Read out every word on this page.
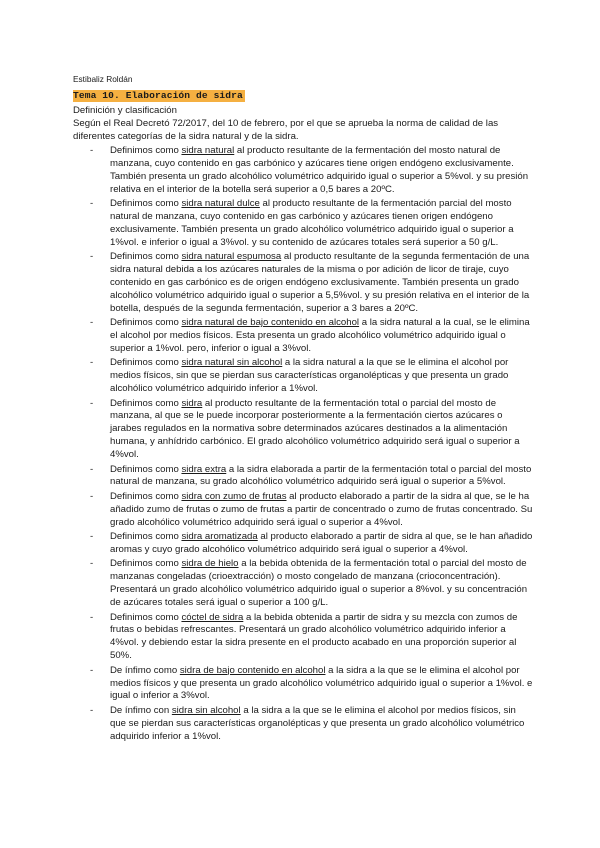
Estibaliz Roldán
Tema 10. Elaboración de sidra
Definición y clasificación
Según el Real Decretó 72/2017, del 10 de febrero, por el que se aprueba la norma de calidad de las diferentes categorías de la sidra natural y de la sidra.
- Definimos como sidra natural al producto resultante de la fermentación del mosto natural de manzana, cuyo contenido en gas carbónico y azúcares tiene origen endógeno exclusivamente. También presenta un grado alcohólico volumétrico adquirido igual o superior a 5%vol. y su presión relativa en el interior de la botella será superior a 0,5 bares a 20ºC.
- Definimos como sidra natural dulce al producto resultante de la fermentación parcial del mosto natural de manzana, cuyo contenido en gas carbónico y azúcares tienen origen endógeno exclusivamente. También presenta un grado alcohólico volumétrico adquirido igual o superior a 1%vol. e inferior o igual a 3%vol. y su contenido de azúcares totales será superior a 50 g/L.
- Definimos como sidra natural espumosa al producto resultante de la segunda fermentación de una sidra natural debida a los azúcares naturales de la misma o por adición de licor de tiraje, cuyo contenido en gas carbónico es de origen endógeno exclusivamente. También presenta un grado alcohólico volumétrico adquirido igual o superior a 5,5%vol. y su presión relativa en el interior de la botella, después de la segunda fermentación, superior a 3 bares a 20ºC.
- Definimos como sidra natural de bajo contenido en alcohol a la sidra natural a la cual, se le elimina el alcohol por medios físicos. Esta presenta un grado alcohólico volumétrico adquirido igual o superior a 1%vol. pero, inferior o igual a 3%vol.
- Definimos como sidra natural sin alcohol a la sidra natural a la que se le elimina el alcohol por medios físicos, sin que se pierdan sus características organolépticas y que presenta un grado alcohólico volumétrico adquirido inferior a 1%vol.
- Definimos como sidra al producto resultante de la fermentación total o parcial del mosto de manzana, al que se le puede incorporar posteriormente a la fermentación ciertos azúcares o jarabes regulados en la normativa sobre determinados azúcares destinados a la alimentación humana, y anhídrido carbónico. El grado alcohólico volumétrico adquirido será igual o superior a 4%vol.
- Definimos como sidra extra a la sidra elaborada a partir de la fermentación total o parcial del mosto natural de manzana, su grado alcohólico volumétrico adquirido será igual o superior a 5%vol.
- Definimos como sidra con zumo de frutas al producto elaborado a partir de la sidra al que, se le ha añadido zumo de frutas o zumo de frutas a partir de concentrado o zumo de frutas concentrado. Su grado alcohólico volumétrico adquirido será igual o superior a 4%vol.
- Definimos como sidra aromatizada al producto elaborado a partir de sidra al que, se le han añadido aromas y cuyo grado alcohólico volumétrico adquirido será igual o superior a 4%vol.
- Definimos como sidra de hielo a la bebida obtenida de la fermentación total o parcial del mosto de manzanas congeladas (crioextracción) o mosto congelado de manzana (crioconcentración). Presentará un grado alcohólico volumétrico adquirido igual o superior a 8%vol. y su concentración de azúcares totales será igual o superior a 100 g/L.
- Definimos como cóctel de sidra a la bebida obtenida a partir de sidra y su mezcla con zumos de frutas o bebidas refrescantes. Presentará un grado alcohólico volumétrico adquirido inferior a 4%vol. y debiendo estar la sidra presente en el producto acabado en una proporción superior al 50%.
- De ínfimo como sidra de bajo contenido en alcohol a la sidra a la que se le elimina el alcohol por medios físicos y que presenta un grado alcohólico volumétrico adquirido igual o superior a 1%vol. e igual o inferior a 3%vol.
- De ínfimo con sidra sin alcohol a la sidra a la que se le elimina el alcohol por medios físicos, sin que se pierdan sus características organolépticas y que presenta un grado alcohólico volumétrico adquirido inferior a 1%vol.
